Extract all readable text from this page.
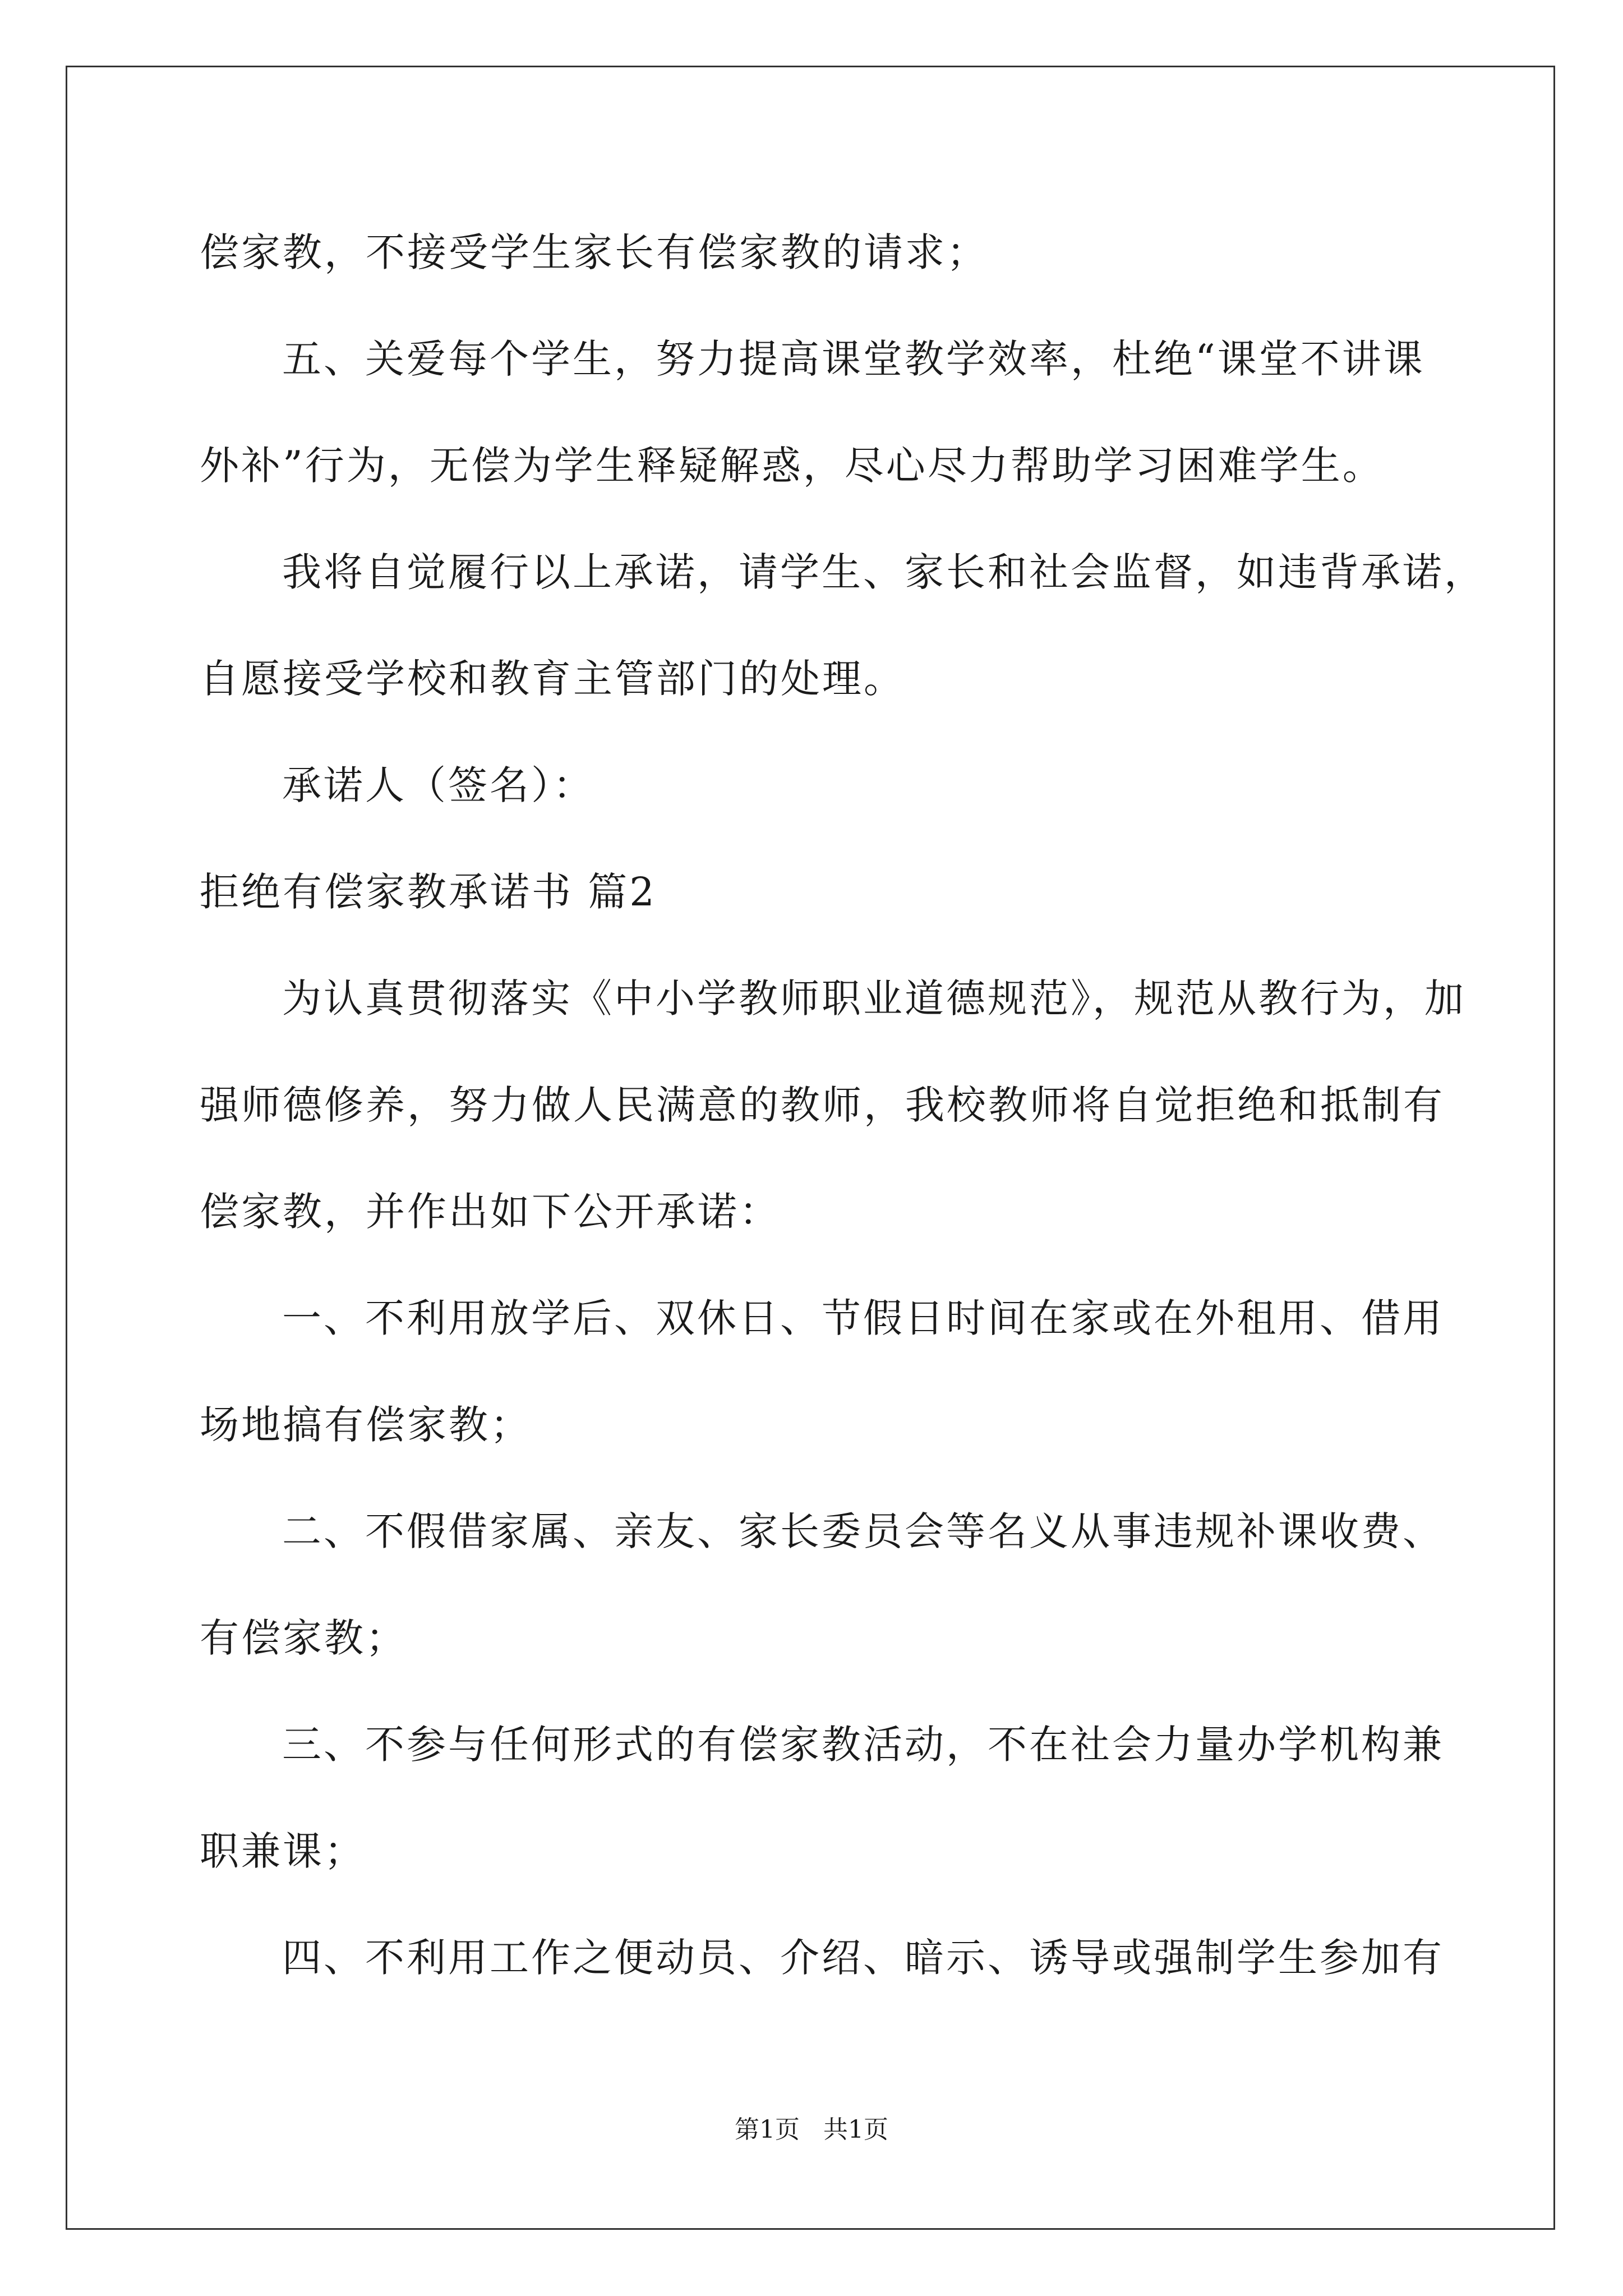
偿家教，不接受学生家长有偿家教的请求；

五、关爱每个学生，努力提高课堂教学效率，杜绝“课堂不讲课

外补”行为，无偿为学生释疑解惑，尽心尽力帮助学习困难学生。

我将自觉履行以上承诺，请学生、家长和社会监督，如违背承诺，

自愿接受学校和教育主管部门的处理。

承诺人（签名）：

拒绝有偿家教承诺书 篇2

为认真贯彻落实《中小学教师职业道德规范》，规范从教行为，加

强师德修养，努力做人民满意的教师，我校教师将自觉拒绝和抵制有

偿家教，并作出如下公开承诺：

一、不利用放学后、双休日、节假日时间在家或在外租用、借用

场地搞有偿家教；

二、不假借家属、亲友、家长委员会等名义从事违规补课收费、

有偿家教；

三、不参与任何形式的有偿家教活动，不在社会力量办学机构兼

职兼课；

四、不利用工作之便动员、介绍、暗示、诱导或强制学生参加有

第1页 共1页
